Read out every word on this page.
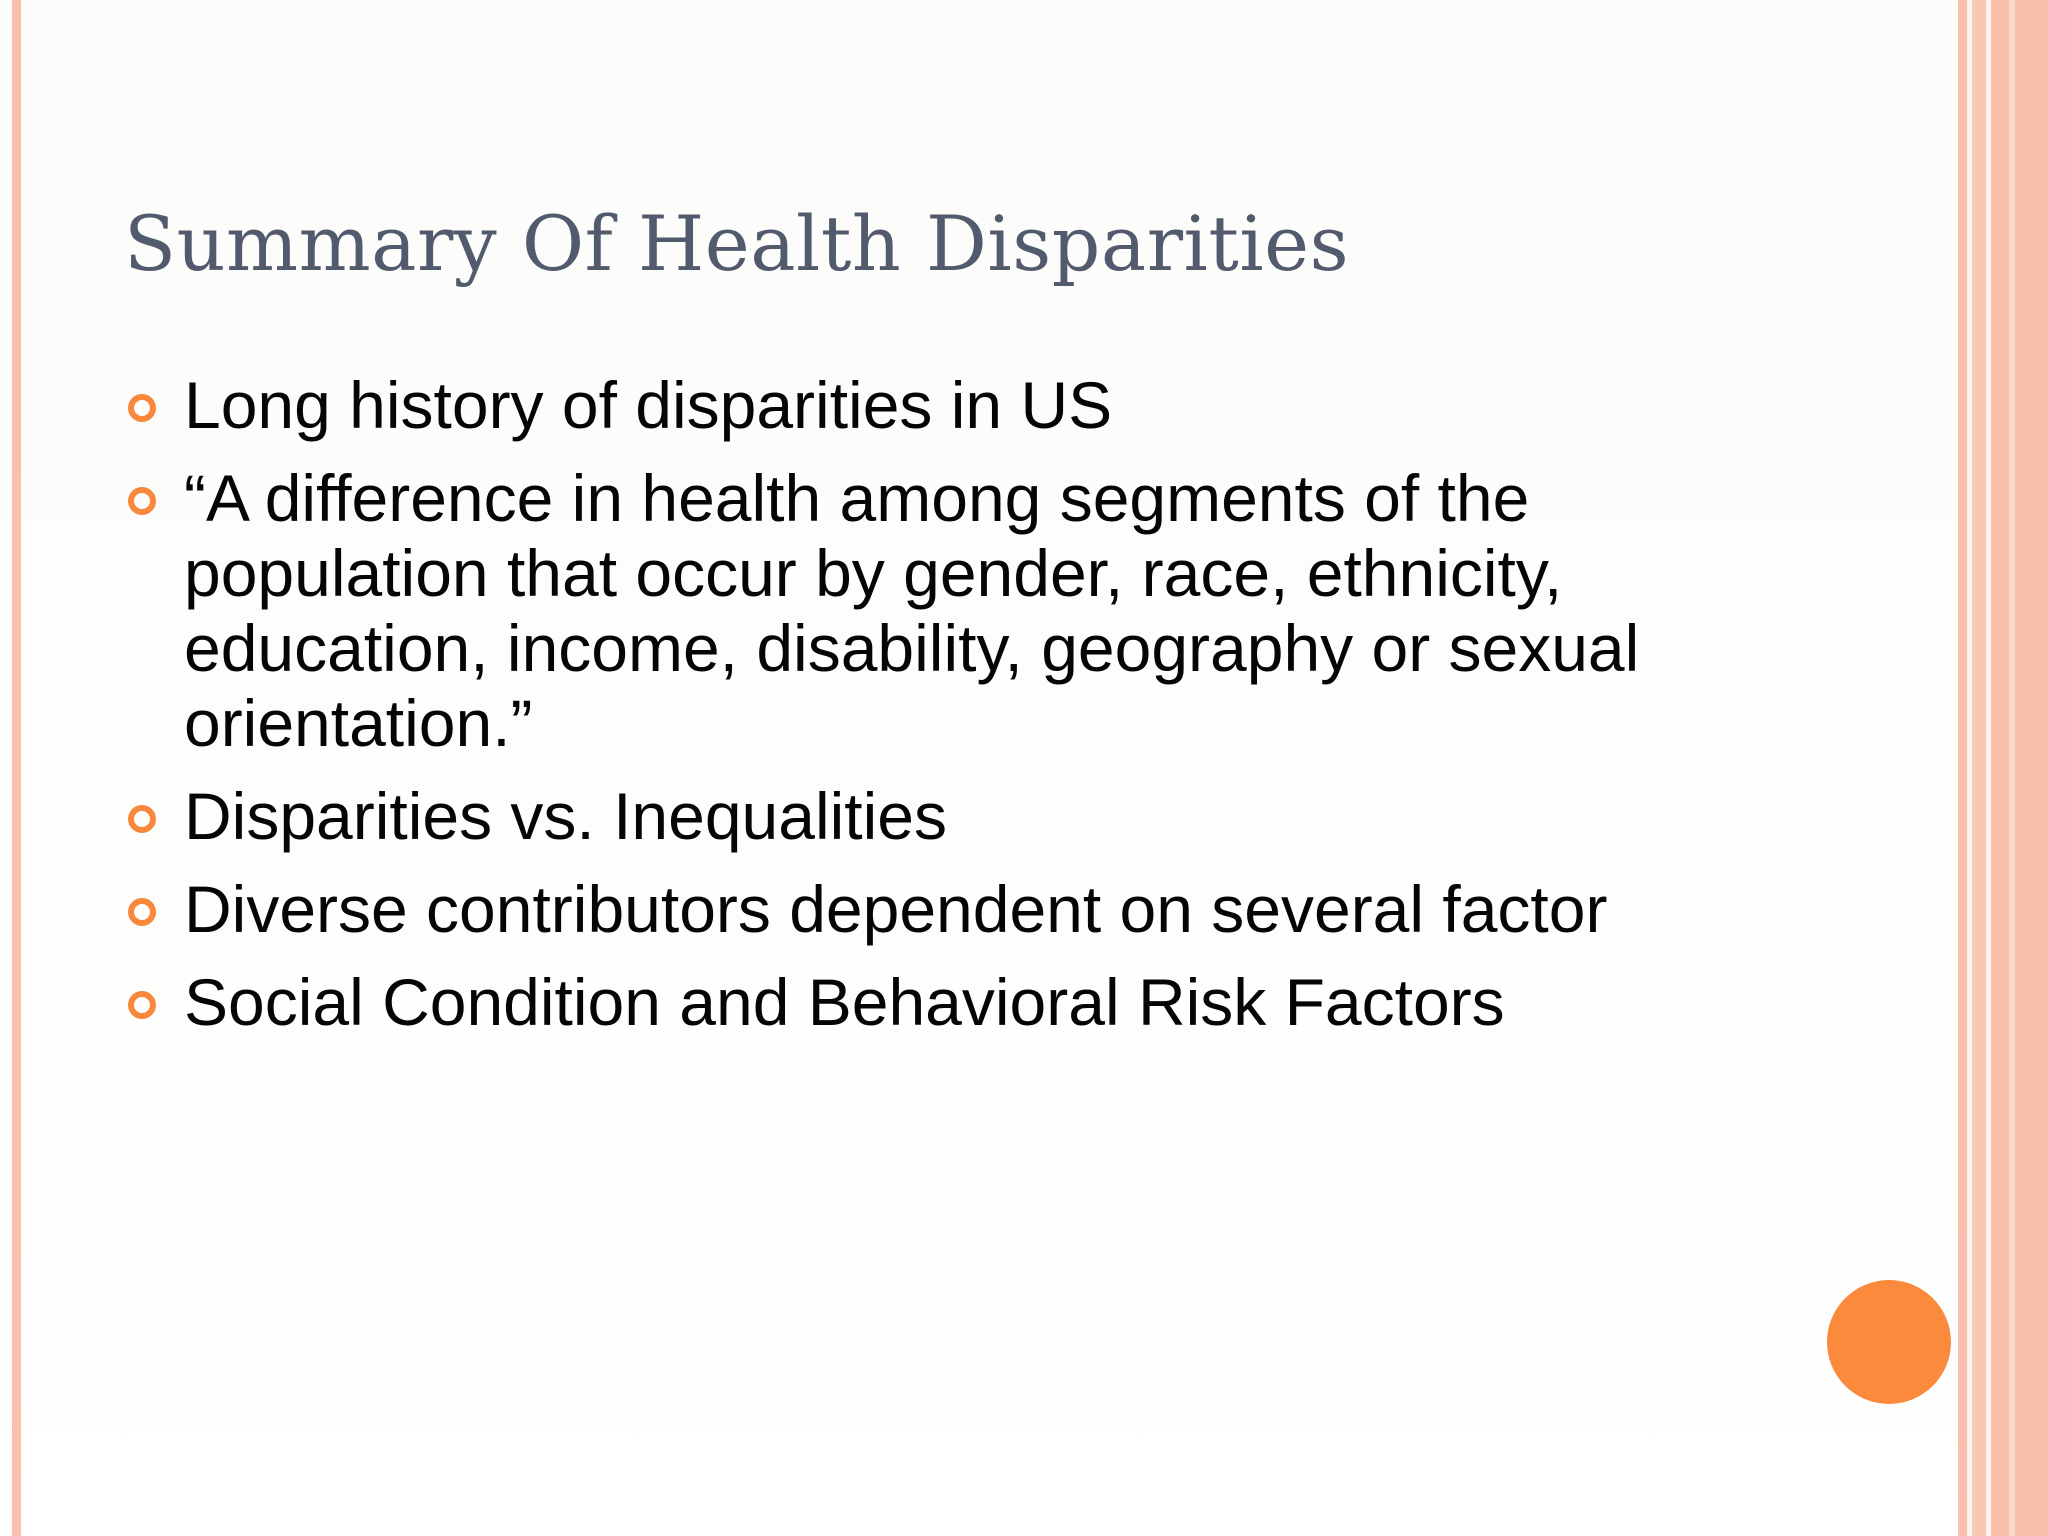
Summary Of Health Disparities
Long history of disparities in US
“A difference in health among segments of the population that occur by gender, race, ethnicity, education, income, disability, geography or sexual orientation.”
Disparities vs. Inequalities
Diverse contributors dependent on several factor
Social Condition and Behavioral Risk Factors
